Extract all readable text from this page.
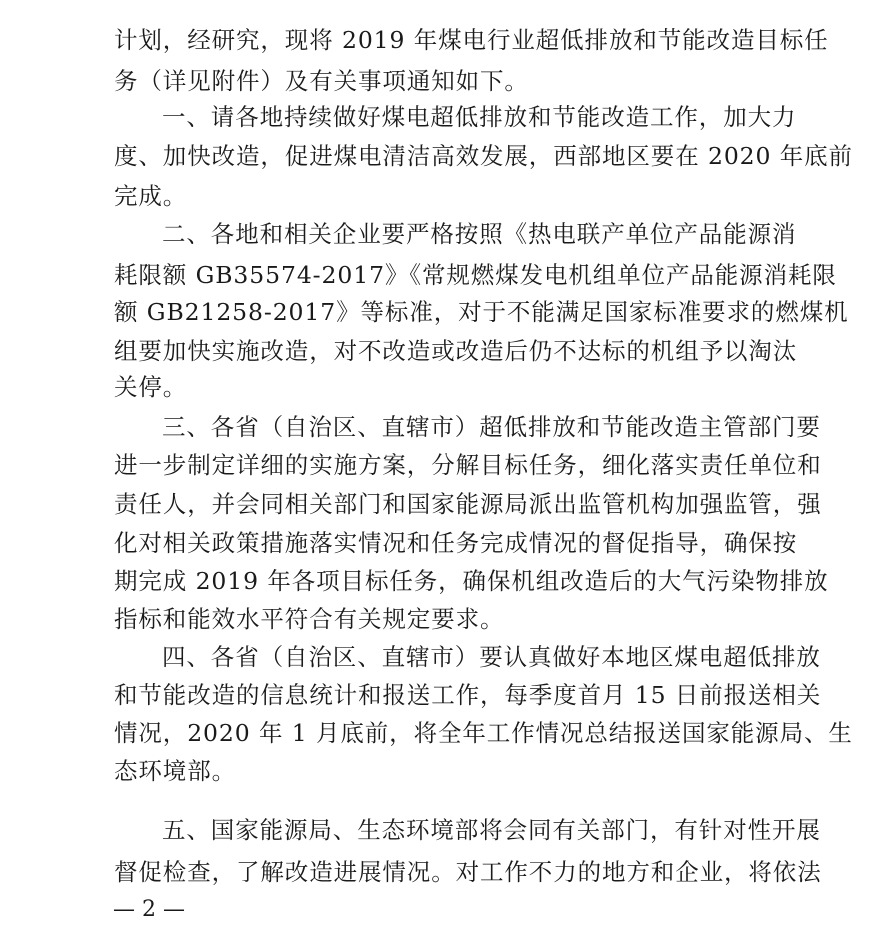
计划，经研究，现将 2019 年煤电行业超低排放和节能改造目标任
务（详见附件）及有关事项通知如下。
一、请各地持续做好煤电超低排放和节能改造工作，加大力
度、加快改造，促进煤电清洁高效发展，西部地区要在 2020 年底前
完成。
二、各地和相关企业要严格按照《热电联产单位产品能源消
耗限额 GB35574-2017》《常规燃煤发电机组单位产品能源消耗限
额 GB21258-2017》等标准，对于不能满足国家标准要求的燃煤机
组要加快实施改造，对不改造或改造后仍不达标的机组予以淘汰
关停。
三、各省（自治区、直辖市）超低排放和节能改造主管部门要
进一步制定详细的实施方案，分解目标任务，细化落实责任单位和
责任人，并会同相关部门和国家能源局派出监管机构加强监管，强
化对相关政策措施落实情况和任务完成情况的督促指导，确保按
期完成 2019 年各项目标任务，确保机组改造后的大气污染物排放
指标和能效水平符合有关规定要求。
四、各省（自治区、直辖市）要认真做好本地区煤电超低排放
和节能改造的信息统计和报送工作，每季度首月 15 日前报送相关
情况，2020 年 1 月底前，将全年工作情况总结报送国家能源局、生
态环境部。
五、国家能源局、生态环境部将会同有关部门，有针对性开展
督促检查，了解改造进展情况。对工作不力的地方和企业，将依法
— 2 —
